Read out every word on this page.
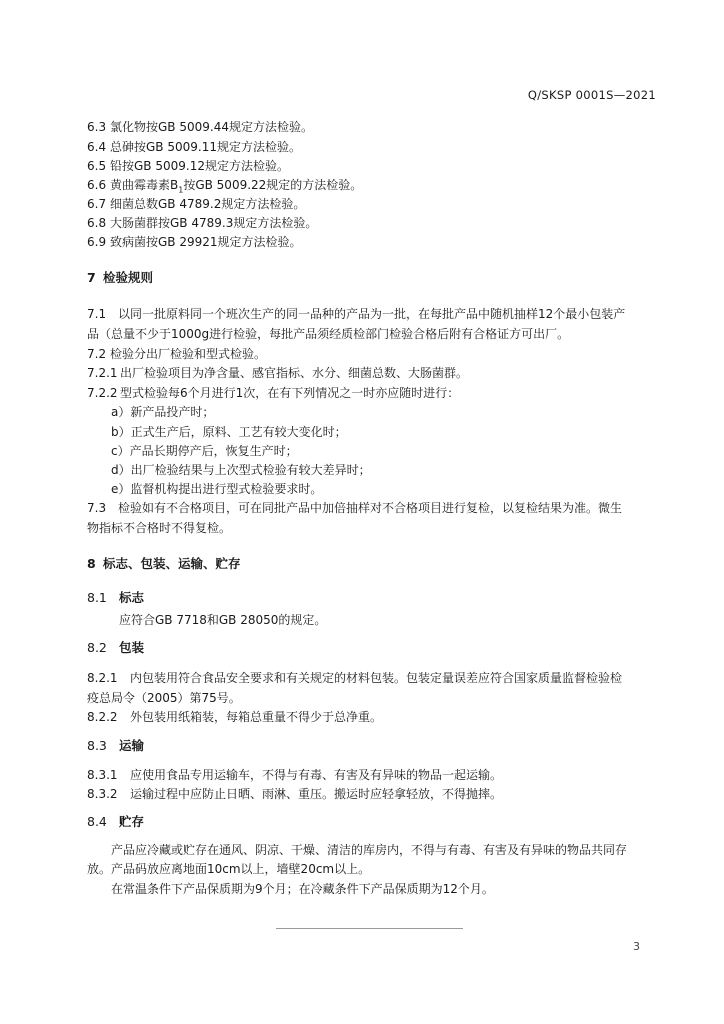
Q/SKSP 0001S—2021
6.3 氯化物按GB 5009.44规定方法检验。
6.4 总砷按GB 5009.11规定方法检验。
6.5 铅按GB 5009.12规定方法检验。
6.6 黄曲霉毒素$B_1$按GB 5009.22规定的方法检验。
6.7 细菌总数GB 4789.2规定方法检验。
6.8 大肠菌群按GB 4789.3规定方法检验。
6.9 致病菌按GB 29921规定方法检验。
7 检验规则
7.1 以同一批原料同一个班次生产的同一品种的产品为一批，在每批产品中随机抽样12个最小包装产
品（总量不少于1000g进行检验，每批产品须经质检部门检验合格后附有合格证方可出厂。
7.2 检验分出厂检验和型式检验。
7.2.1 出厂检验项目为净含量、感官指标、水分、细菌总数、大肠菌群。
7.2.2 型式检验每6个月进行1次，在有下列情况之一时亦应随时进行：
a）新产品投产时；
b）正式生产后，原料、工艺有较大变化时；
c）产品长期停产后，恢复生产时；
d）出厂检验结果与上次型式检验有较大差异时；
e）监督机构提出进行型式检验要求时。
7.3 检验如有不合格项目，可在同批产品中加倍抽样对不合格项目进行复检，以复检结果为准。微生
物指标不合格时不得复检。
8 标志、包装、运输、贮存
8.1 标志
应符合GB 7718和GB 28050的规定。
8.2 包装
8.2.1 内包装用符合食品安全要求和有关规定的材料包装。包装定量误差应符合国家质量监督检验检
疫总局令（2005）第75号。
8.2.2 外包装用纸箱装，每箱总重量不得少于总净重。
8.3 运输
8.3.1 应使用食品专用运输车，不得与有毒、有害及有异味的物品一起运输。
8.3.2 运输过程中应防止日晒、雨淋、重压。搬运时应轻拿轻放，不得抛摔。
8.4 贮存
产品应冷藏或贮存在通风、阴凉、干燥、清洁的库房内，不得与有毒、有害及有异味的物品共同存
放。产品码放应离地面10cm以上，墙壁20cm以上。
在常温条件下产品保质期为9个月；在冷藏条件下产品保质期为12个月。
3
